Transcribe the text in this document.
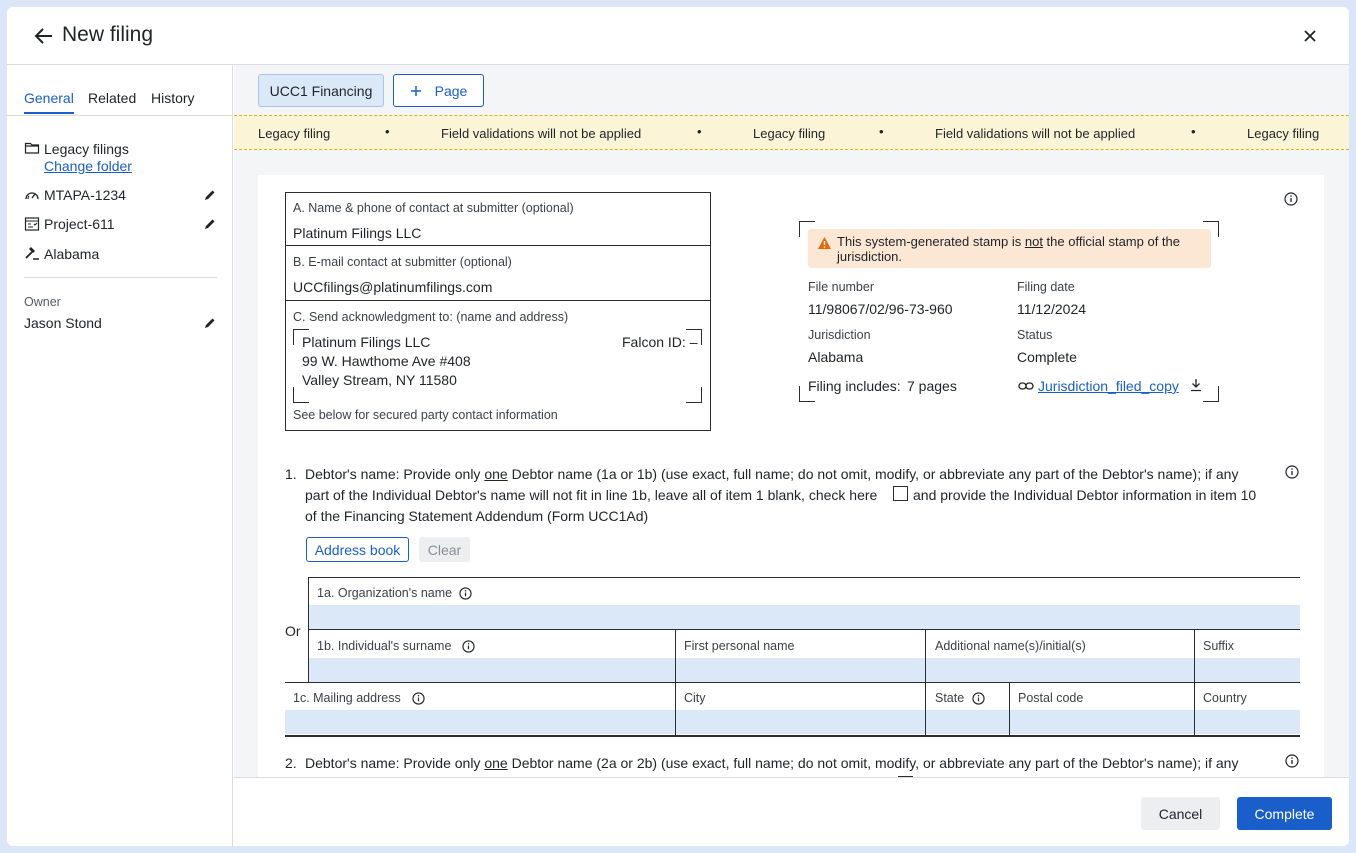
New filing
General Related History
Legacy filings
Change folder
MTAPA-1234
Project-611
Alabama
Owner
Jason Stond
UCC1 Financing	Page
Legacy filing	•	Field validations will not be applied	•	Legacy filing	•	Field validations will not be applied	•	Legacy filing
A. Name & phone of contact at submitter (optional)
Platinum Filings LLC
B. E-mail contact at submitter (optional)
UCCfilings@platinumfilings.com
C. Send acknowledgment to: (name and address)
Platinum Filings LLC
99 W. Hawthome Ave #408
Valley Stream, NY 11580
Falcon ID: –
See below for secured party contact information
This system-generated stamp is not the official stamp of the jurisdiction.
File number
11/98067/02/96-73-960
Filing date
11/12/2024
Jurisdiction
Alabama
Status
Complete
Filing includes: 7 pages	Jurisdiction_filed_copy
1. Debtor's name: Provide only one Debtor name (1a or 1b) (use exact, full name; do not omit, modify, or abbreviate any part of the Debtor's name); if any
part of the Individual Debtor's name will not fit in line 1b, leave all of item 1 blank, check here	and provide the Individual Debtor information in item 10
of the Financing Statement Addendum (Form UCC1Ad)
Address book	Clear
1a. Organization's name
Or
1b. Individual's surname	First personal name	Additional name(s)/initial(s)	Suffix
1c. Mailing address	City	State	Postal code	Country
2. Debtor's name: Provide only one Debtor name (2a or 2b) (use exact, full name; do not omit, modify, or abbreviate any part of the Debtor's name); if any
Cancel	Complete
